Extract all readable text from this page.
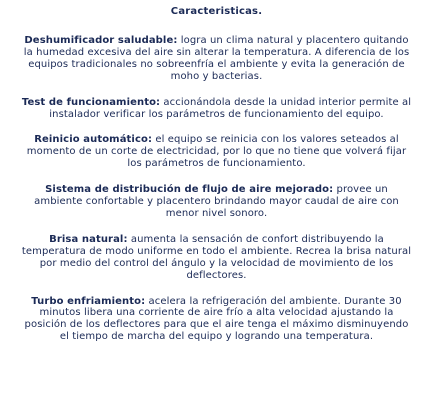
Caracteristicas.

Deshumificador saludable: logra un clima natural y placentero quitando la humedad excesiva del aire sin alterar la temperatura. A diferencia de los equipos tradicionales no sobreenfría el ambiente y evita la generación de moho y bacterias.

Test de funcionamiento: accionándola desde la unidad interior permite al instalador verificar los parámetros de funcionamiento del equipo.

Reinicio automático: el equipo se reinicia con los valores seteados al momento de un corte de electricidad, por lo que no tiene que volverá fijar los parámetros de funcionamiento.

Sistema de distribución de flujo de aire mejorado: provee un ambiente confortable y placentero brindando mayor caudal de aire con menor nivel sonoro.

Brisa natural: aumenta la sensación de confort distribuyendo la temperatura de modo uniforme en todo el ambiente. Recrea la brisa natural por medio del control del ángulo y la velocidad de movimiento de los deflectores.

Turbo enfriamiento: acelera la refrigeración del ambiente. Durante 30 minutos libera una corriente de aire frío a alta velocidad ajustando la posición de los deflectores para que el aire tenga el máximo disminuyendo el tiempo de marcha del equipo y logrando una temperatura.
